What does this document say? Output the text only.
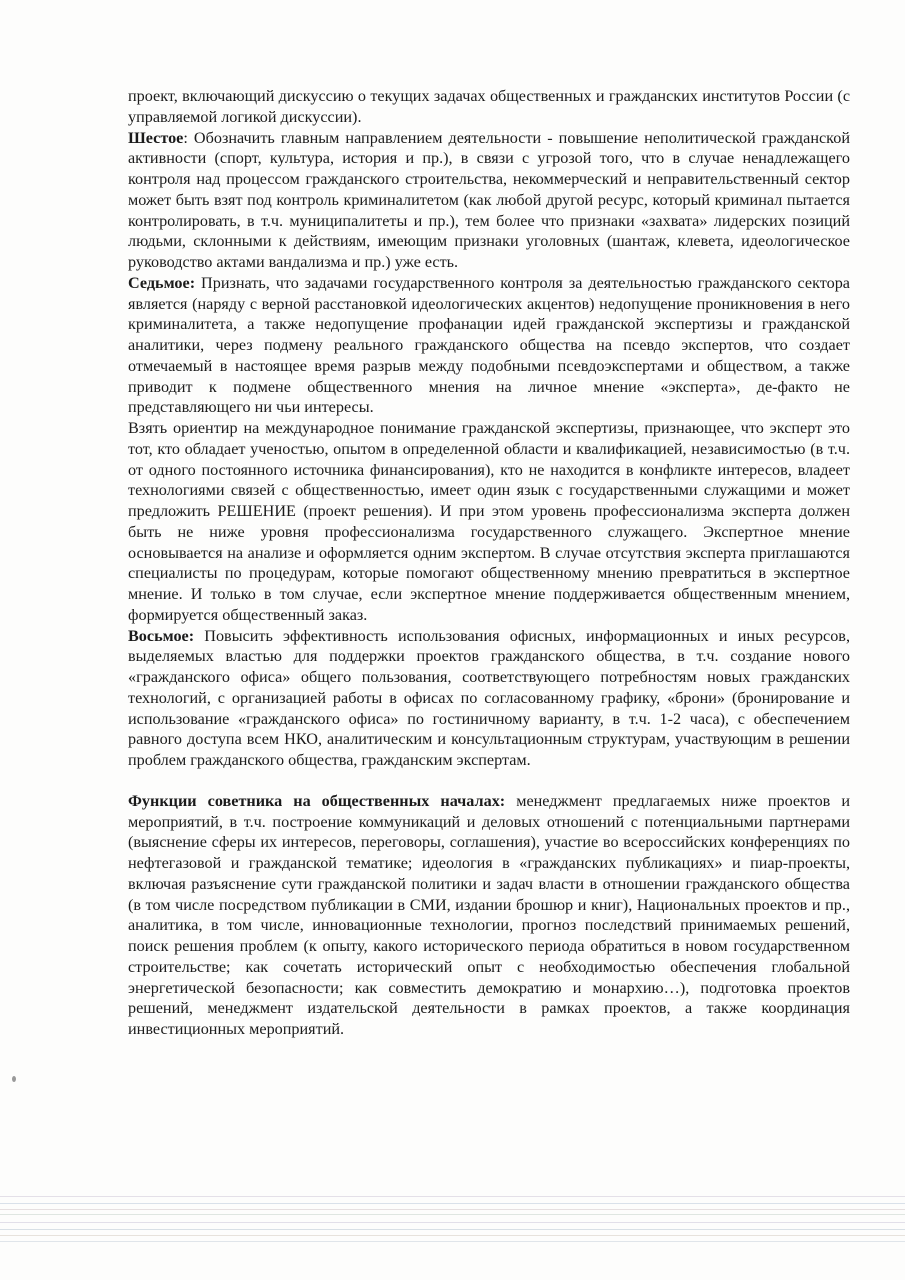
проект, включающий дискуссию о текущих задачах общественных и гражданских институтов России (с управляемой логикой дискуссии).

Шестое: Обозначить главным направлением деятельности - повышение неполитической гражданской активности (спорт, культура, история и пр.), в связи с угрозой того, что в случае ненадлежащего контроля над процессом гражданского строительства, некоммерческий и неправительственный сектор может быть взят под контроль криминалитетом (как любой другой ресурс, который криминал пытается контролировать, в т.ч. муниципалитеты и пр.), тем более что признаки «захвата» лидерских позиций людьми, склонными к действиям, имеющим признаки уголовных (шантаж, клевета, идеологическое руководство актами вандализма и пр.) уже есть.

Седьмое: Признать, что задачами государственного контроля за деятельностью гражданского сектора является (наряду с верной расстановкой идеологических акцентов) недопущение проникновения в него криминалитета, а также недопущение профанации идей гражданской экспертизы и гражданской аналитики, через подмену реального гражданского общества на псевдо экспертов, что создает отмечаемый в настоящее время разрыв между подобными псевдоэкспертами и обществом, а также приводит к подмене общественного мнения на личное мнение «эксперта», де-факто не представляющего ни чьи интересы.

Взять ориентир на международное понимание гражданской экспертизы, признающее, что эксперт это тот, кто обладает ученостью, опытом в определенной области и квалификацией, независимостью (в т.ч. от одного постоянного источника финансирования), кто не находится в конфликте интересов, владеет технологиями связей с общественностью, имеет один язык с государственными служащими и может предложить РЕШЕНИЕ (проект решения). И при этом уровень профессионализма эксперта должен быть не ниже уровня профессионализма государственного служащего. Экспертное мнение основывается на анализе и оформляется одним экспертом. В случае отсутствия эксперта приглашаются специалисты по процедурам, которые помогают общественному мнению превратиться в экспертное мнение. И только в том случае, если экспертное мнение поддерживается общественным мнением, формируется общественный заказ.

Восьмое: Повысить эффективность использования офисных, информационных и иных ресурсов, выделяемых властью для поддержки проектов гражданского общества, в т.ч. создание нового «гражданского офиса» общего пользования, соответствующего потребностям новых гражданских технологий, с организацией работы в офисах по согласованному графику, «брони» (бронирование и использование «гражданского офиса» по гостиничному варианту, в т.ч. 1-2 часа), с обеспечением равного доступа всем НКО, аналитическим и консультационным структурам, участвующим в решении проблем гражданского общества, гражданским экспертам.

Функции советника на общественных началах: менеджмент предлагаемых ниже проектов и мероприятий, в т.ч. построение коммуникаций и деловых отношений с потенциальными партнерами (выяснение сферы их интересов, переговоры, соглашения), участие во всероссийских конференциях по нефтегазовой и гражданской тематике; идеология в «гражданских публикациях» и пиар-проекты, включая разъяснение сути гражданской политики и задач власти в отношении гражданского общества (в том числе посредством публикации в СМИ, издании брошюр и книг), Национальных проектов и пр., аналитика, в том числе, инновационные технологии, прогноз последствий принимаемых решений, поиск решения проблем (к опыту, какого исторического периода обратиться в новом государственном строительстве; как сочетать исторический опыт с необходимостью обеспечения глобальной энергетической безопасности; как совместить демократию и монархию…), подготовка проектов решений, менеджмент издательской деятельности в рамках проектов, а также координация инвестиционных мероприятий.
